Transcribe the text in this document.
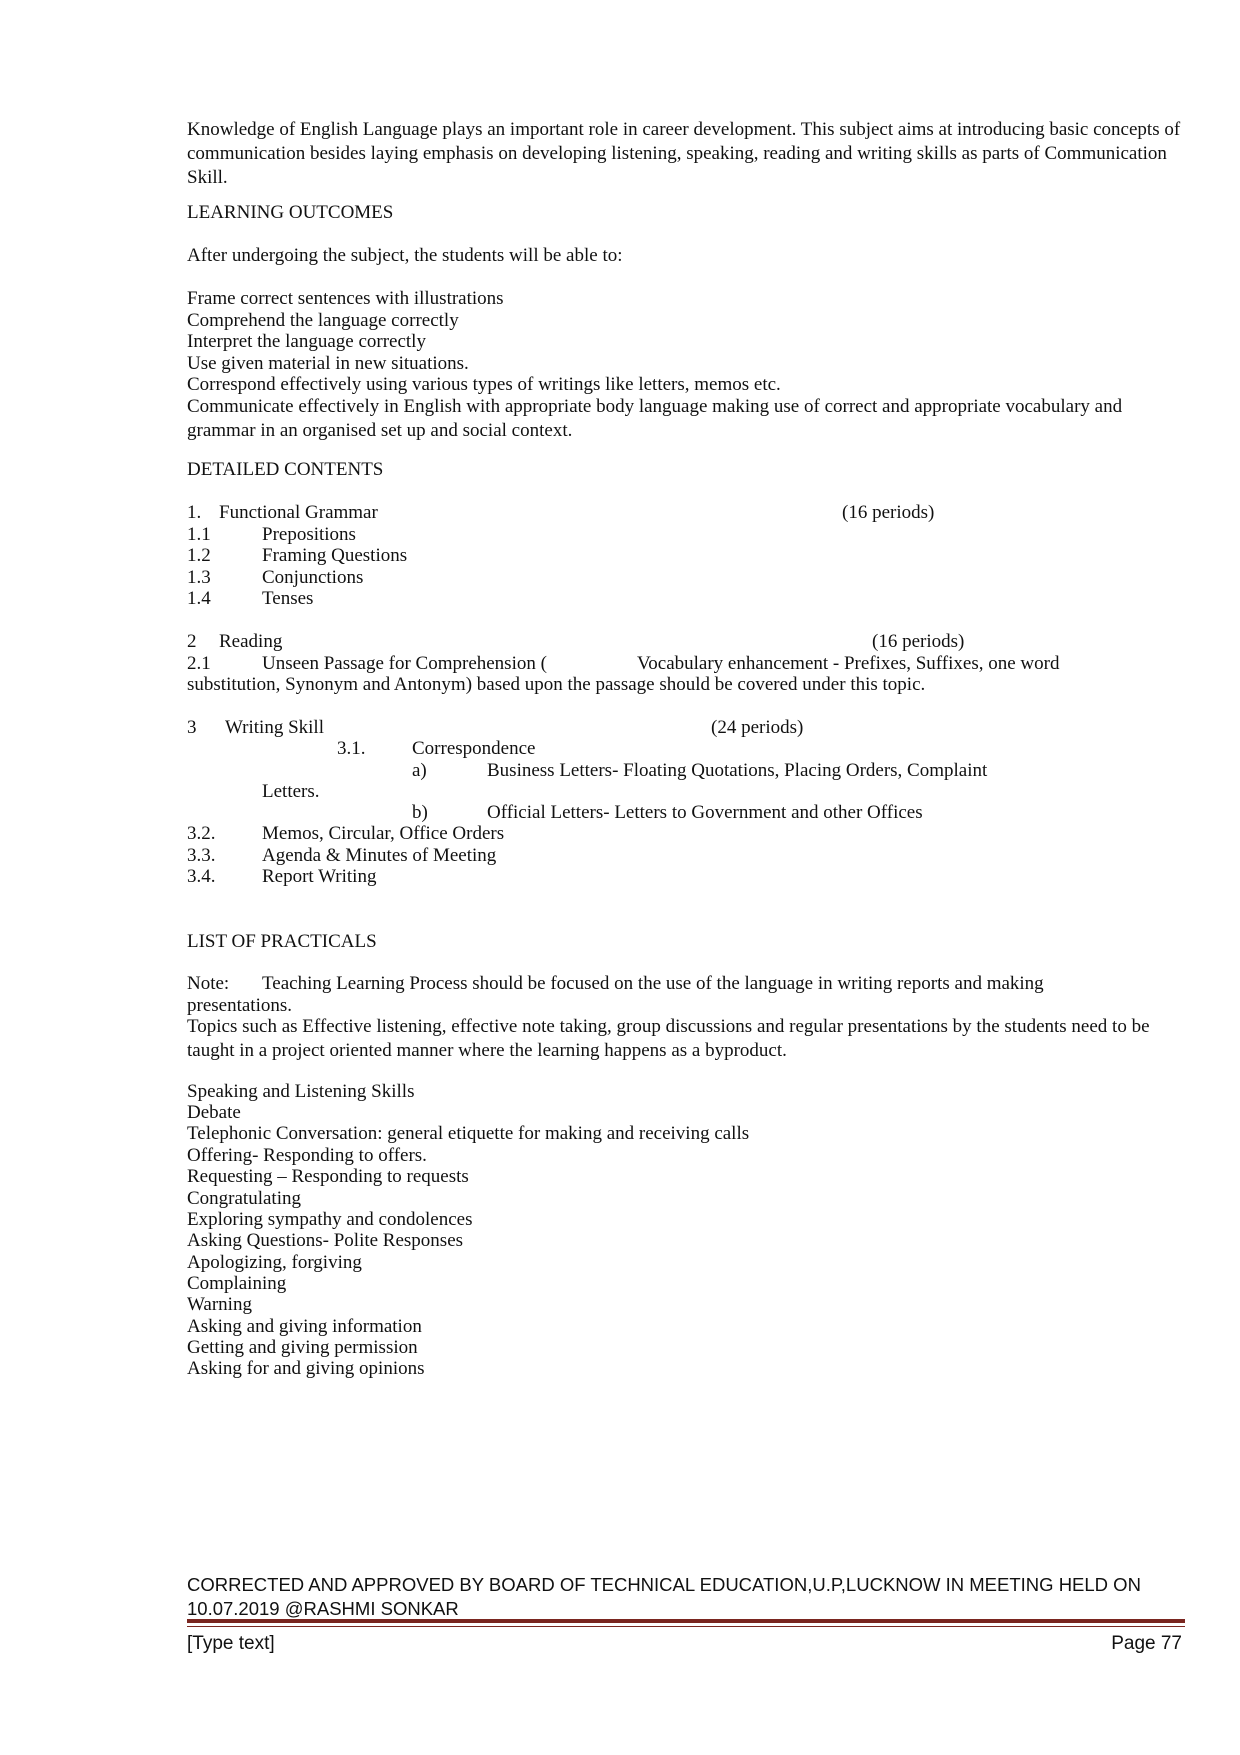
Knowledge of English Language plays an important role in career development. This subject aims at introducing basic concepts of communication besides laying emphasis on developing listening, speaking, reading and writing skills as parts of Communication Skill.
LEARNING OUTCOMES
After undergoing the subject, the students will be able to:
Frame correct sentences with illustrations
Comprehend the language correctly
Interpret the language correctly
Use given material in new situations.
Correspond effectively using various types of writings like letters, memos etc.
Communicate effectively in English with appropriate body language making use of correct and appropriate vocabulary and grammar in an organised set up and social context.
DETAILED CONTENTS
1. Functional Grammar	(16 periods)
1.1	Prepositions
1.2	Framing Questions
1.3	Conjunctions
1.4	Tenses
2 Reading	(16 periods)
2.1	Unseen Passage for Comprehension (	Vocabulary enhancement - Prefixes, Suffixes, one word
substitution, Synonym and Antonym) based upon the passage should be covered under this topic.
3 Writing Skill	(24 periods)
3.1. Correspondence
a)	Business Letters- Floating Quotations, Placing Orders, Complaint
Letters.
b)	Official Letters- Letters to Government and other Offices
3.2. Memos, Circular, Office Orders
3.3. Agenda & Minutes of Meeting
3.4. Report Writing
LIST OF PRACTICALS
Note: Teaching Learning Process should be focused on the use of the language in writing reports and making
presentations.
Topics such as Effective listening, effective note taking, group discussions and regular presentations by the students need to be taught in a project oriented manner where the learning happens as a byproduct.
Speaking and Listening Skills
Debate
Telephonic Conversation: general etiquette for making and receiving calls
Offering- Responding to offers.
Requesting – Responding to requests
Congratulating
Exploring sympathy and condolences
Asking Questions- Polite Responses
Apologizing, forgiving
Complaining
Warning
Asking and giving information
Getting and giving permission
Asking for and giving opinions
CORRECTED AND APPROVED BY BOARD OF TECHNICAL EDUCATION,U.P,LUCKNOW IN MEETING HELD ON 10.07.2019 @RASHMI SONKAR
[Type text]	Page 77
